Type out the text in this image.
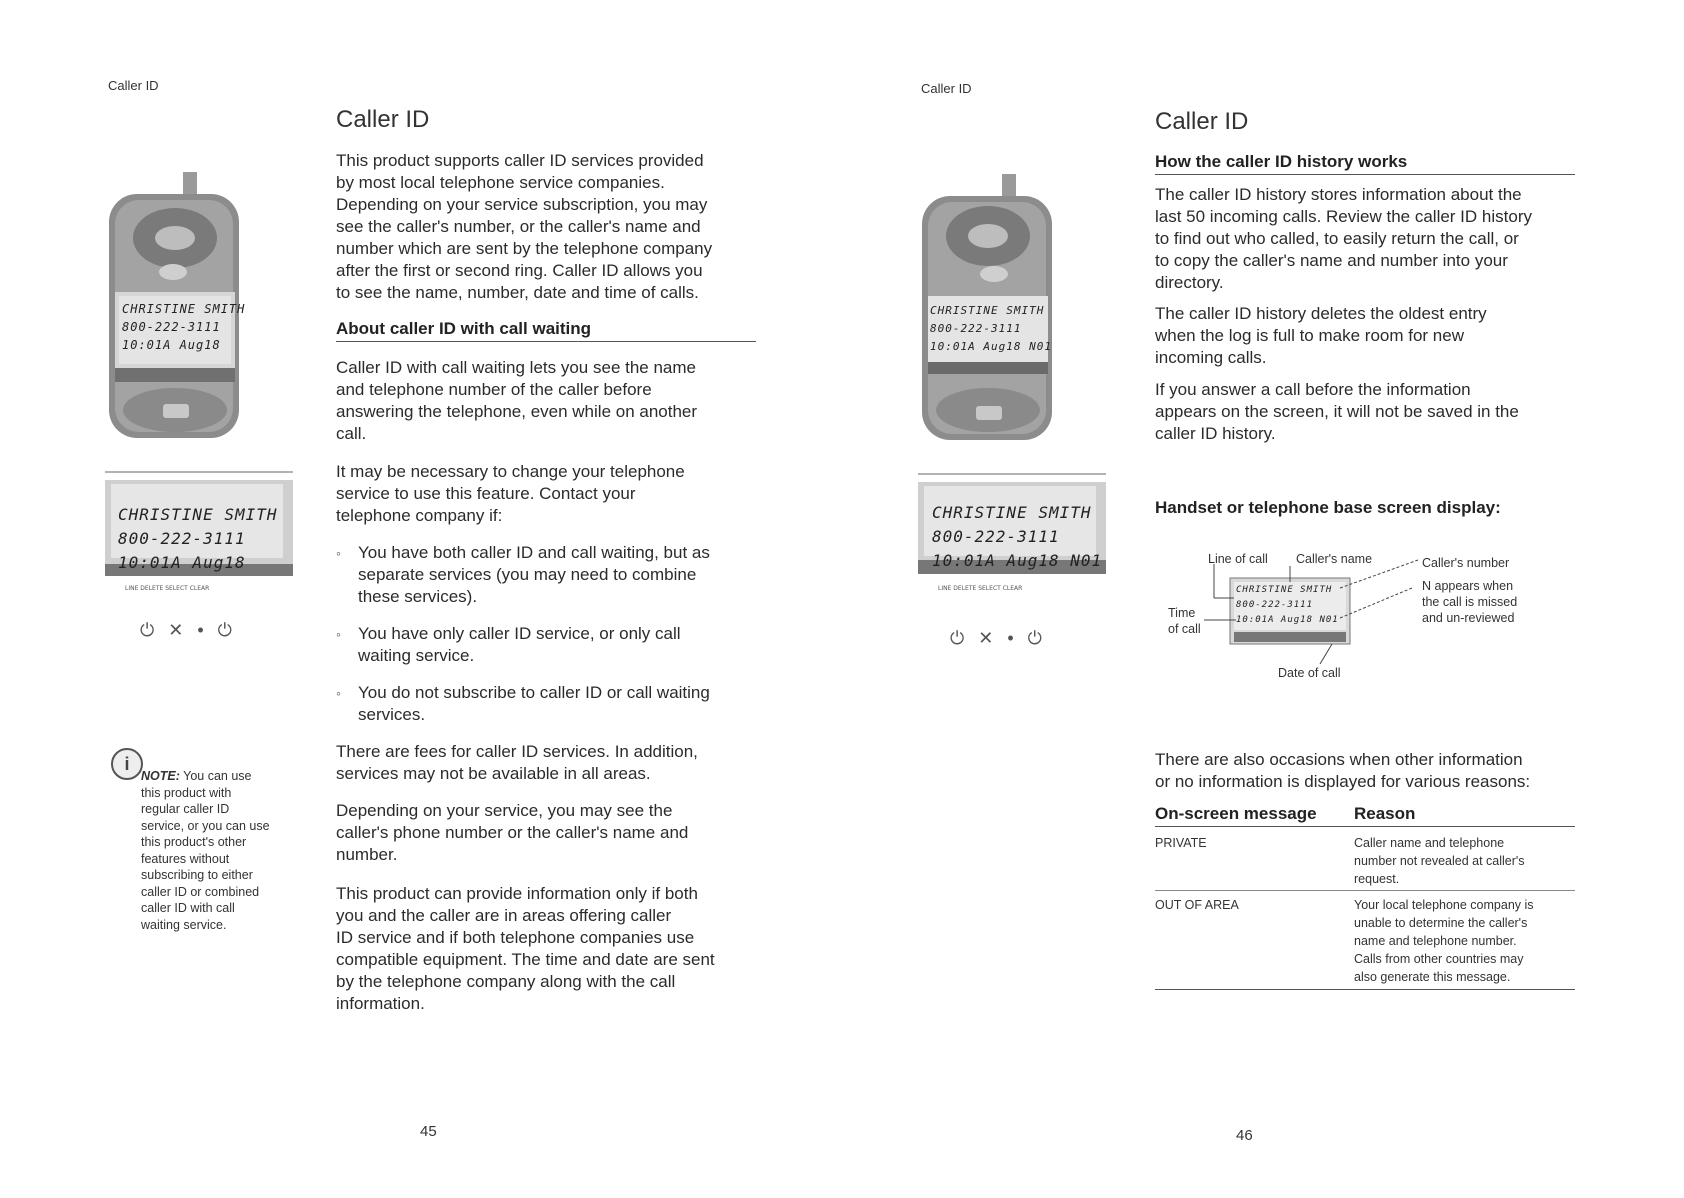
Caller ID
Caller ID
CHRISTINE SMITH
800-222-3111
10:01A Aug18
LINE DELETE SELECT CLEAR
CHRISTINE SMITH
800-222-3111
10:01A Aug18
⏻✕•⏻
i
NOTE: You can use
this product with
regular caller ID
service, or you can use
this product's other
features without
subscribing to either
caller ID or combined
caller ID with call
waiting service.

This product supports caller ID services provided

by most local telephone service companies.

Depending on your service subscription, you may

see the caller's number, or the caller's name and

number which are sent by the telephone company

after the first or second ring. Caller ID allows you

to see the name, number, date and time of calls.

About caller ID with call waiting

Caller ID with call waiting lets you see the name

and telephone number of the caller before

answering the telephone, even while on another

call.

It may be necessary to change your telephone

service to use this feature. Contact your

telephone company if:

◦ You have both caller ID and call waiting, but as
separate services (you may need to combine
these services).
◦ You have only caller ID service, or only call
waiting service.
◦ You do not subscribe to caller ID or call waiting
services.

There are fees for caller ID services. In addition,

services may not be available in all areas.

Depending on your service, you may see the

caller's phone number or the caller's name and

number.

This product can provide information only if both

you and the caller are in areas offering caller

ID service and if both telephone companies use

compatible equipment. The time and date are sent

by the telephone company along with the call

information.

45
Caller ID
Caller ID
CHRISTINE SMITH
800-222-3111
10:01A Aug18 N01
LINE DELETE SELECT CLEAR
CHRISTINE SMITH
800-222-3111
10:01A Aug18 N01
⏻✕•⏻
How the caller ID history works

The caller ID history stores information about the

last 50 incoming calls. Review the caller ID history

to find out who called, to easily return the call, or

to copy the caller's name and number into your

directory.

The caller ID history deletes the oldest entry

when the log is full to make room for new

incoming calls.

If you answer a call before the information

appears on the screen, it will not be saved in the

caller ID history.

Handset or telephone base screen display:
Line of call Caller's name	Caller's number
N appears when
the call is missed
and un-reviewed
Time
of call
Date of call
CHRISTINE SMITH
800-222-3111
10:01A Aug18 N01

There are also occasions when other information

or no information is displayed for various reasons:

On-screen message Reason
PRIVATE	Caller name and telephone
number not revealed at caller's
request.
OUT OF AREA	Your local telephone company is
unable to determine the caller's
name and telephone number.
Calls from other countries may
also generate this message.
46
